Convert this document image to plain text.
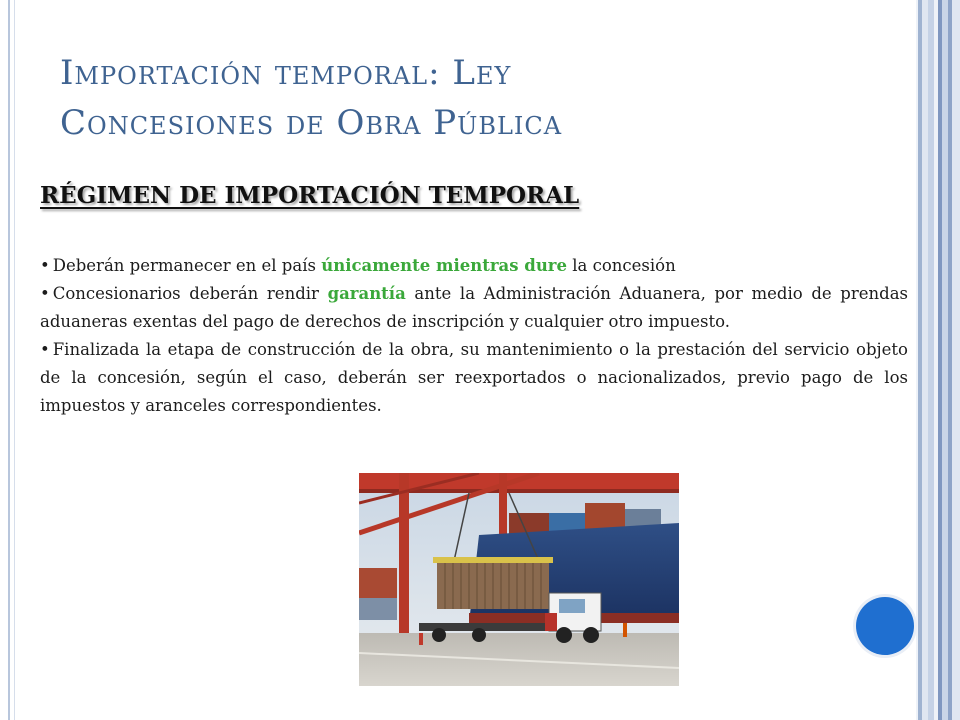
Importación temporal: Ley
Concesiones de Obra Pública
RÉGIMEN DE IMPORTACIÓN TEMPORAL
• Deberán permanecer en el país únicamente mientras dure la concesión
• Concesionarios deberán rendir garantía ante la Administración Aduanera, por medio de prendas aduaneras exentas del pago de derechos de inscripción y cualquier otro impuesto.
• Finalizada la etapa de construcción de la obra, su mantenimiento o la prestación del servicio objeto de la concesión, según el caso, deberán ser reexportados o nacionalizados, previo pago de los impuestos y aranceles correspondientes.
